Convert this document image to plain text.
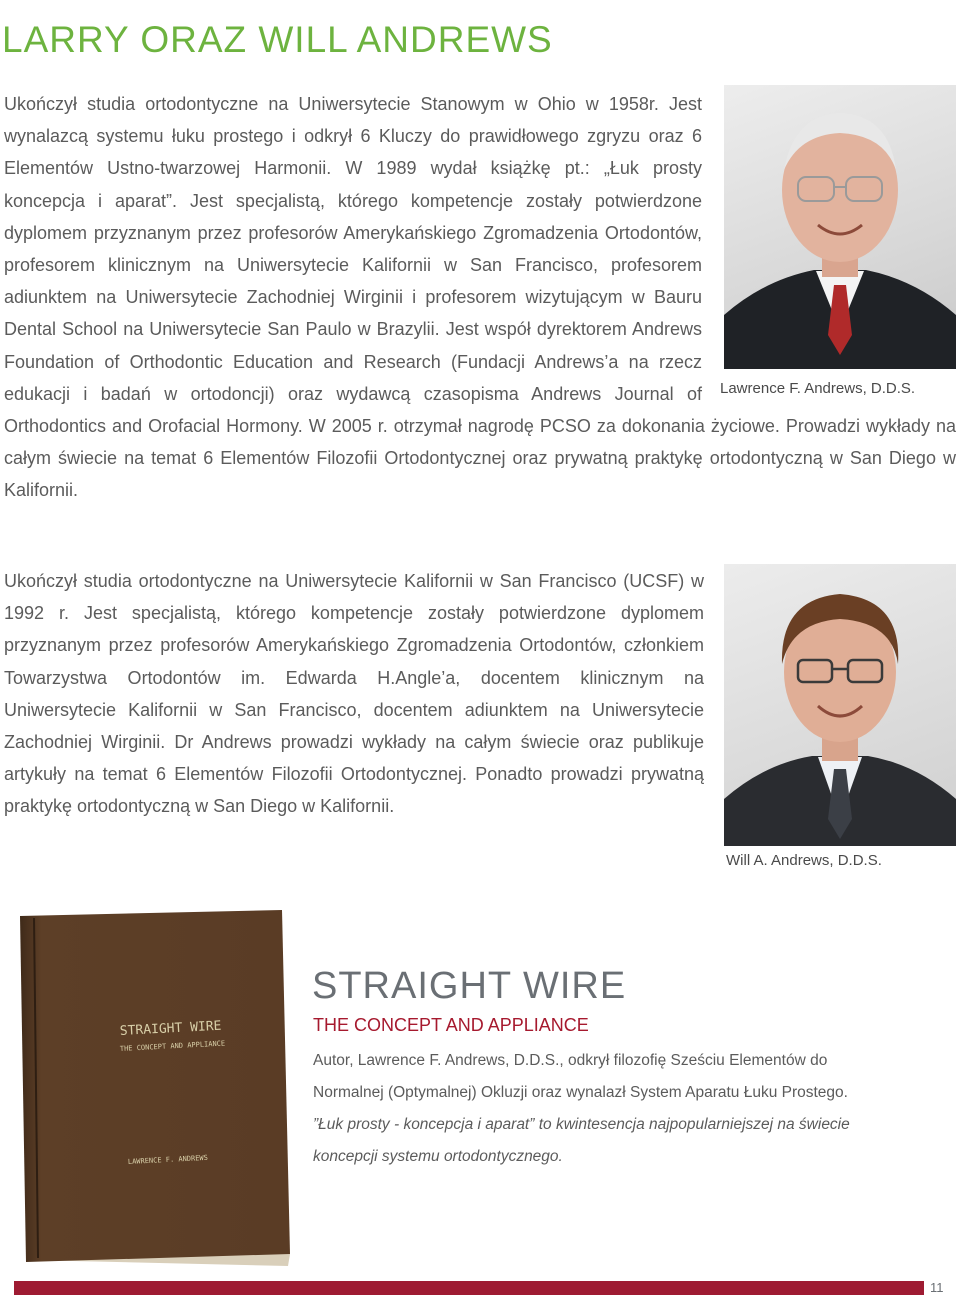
LARRY ORAZ WILL ANDREWS
Lawrence F. Andrews, D.D.S.
Ukończył studia ortodontyczne na Uniwersytecie Stanowym w Ohio w 1958r. Jest wynalazcą systemu łuku prostego i odkrył 6 Kluczy do prawidłowego zgryzu oraz 6 Elementów Ustno-twarzowej Harmonii. W 1989 wydał książkę pt.: „Łuk prosty koncepcja i aparat”. Jest specjalistą, którego kompetencje zostały potwierdzone dyplomem przyznanym przez profesorów Amerykańskiego Zgromadzenia Ortodontów, profesorem klinicznym na Uniwersytecie Kalifornii w San Francisco, profesorem adiunktem na Uniwersytecie Zachodniej Wirginii i profesorem wizytującym w Bauru Dental School na Uniwersytecie San Paulo w Brazylii. Jest współ dyrektorem Andrews Foundation of Orthodontic Education and Research (Fundacji Andrews’a na rzecz edukacji i badań w ortodoncji) oraz wydawcą czasopisma Andrews Journal of Orthodontics and Orofacial Hormony. W 2005 r. otrzymał nagrodę PCSO za dokonania życiowe. Prowadzi wykłady na całym świecie na temat 6 Elementów Filozofii Ortodontycznej oraz prywatną praktykę ortodontyczną w San Diego w Kalifornii.
Ukończył studia ortodontyczne na Uniwersytecie Kalifornii w San Francisco (UCSF) w 1992 r. Jest specjalistą, którego kompetencje zostały potwierdzone dyplomem przyznanym przez profesorów Amerykańskiego Zgromadzenia Ortodontów, członkiem Towarzystwa Ortodontów im. Edwarda H.Angle’a, docentem klinicznym na Uniwersytecie Kalifornii w San Francisco, docentem adiunktem na Uniwersytecie Zachodniej Wirginii. Dr Andrews prowadzi wykłady na całym świecie oraz publikuje artykuły na temat 6 Elementów Filozofii Ortodontycznej. Ponadto prowadzi prywatną praktykę ortodontyczną w San Diego w Kalifornii.
Will A. Andrews, D.D.S.
STRAIGHT WIRE
THE CONCEPT AND APPLIANCE
LAWRENCE F. ANDREWS
STRAIGHT WIRE
THE CONCEPT AND APPLIANCE
Autor, Lawrence F. Andrews, D.D.S., odkrył filozofię Sześciu Elementów do
Normalnej (Optymalnej) Okluzji oraz wynalazł System Aparatu Łuku Prostego.
”Łuk prosty - koncepcja i aparat” to kwintesencja najpopularniejszej na świecie
koncepcji systemu ortodontycznego.
11
